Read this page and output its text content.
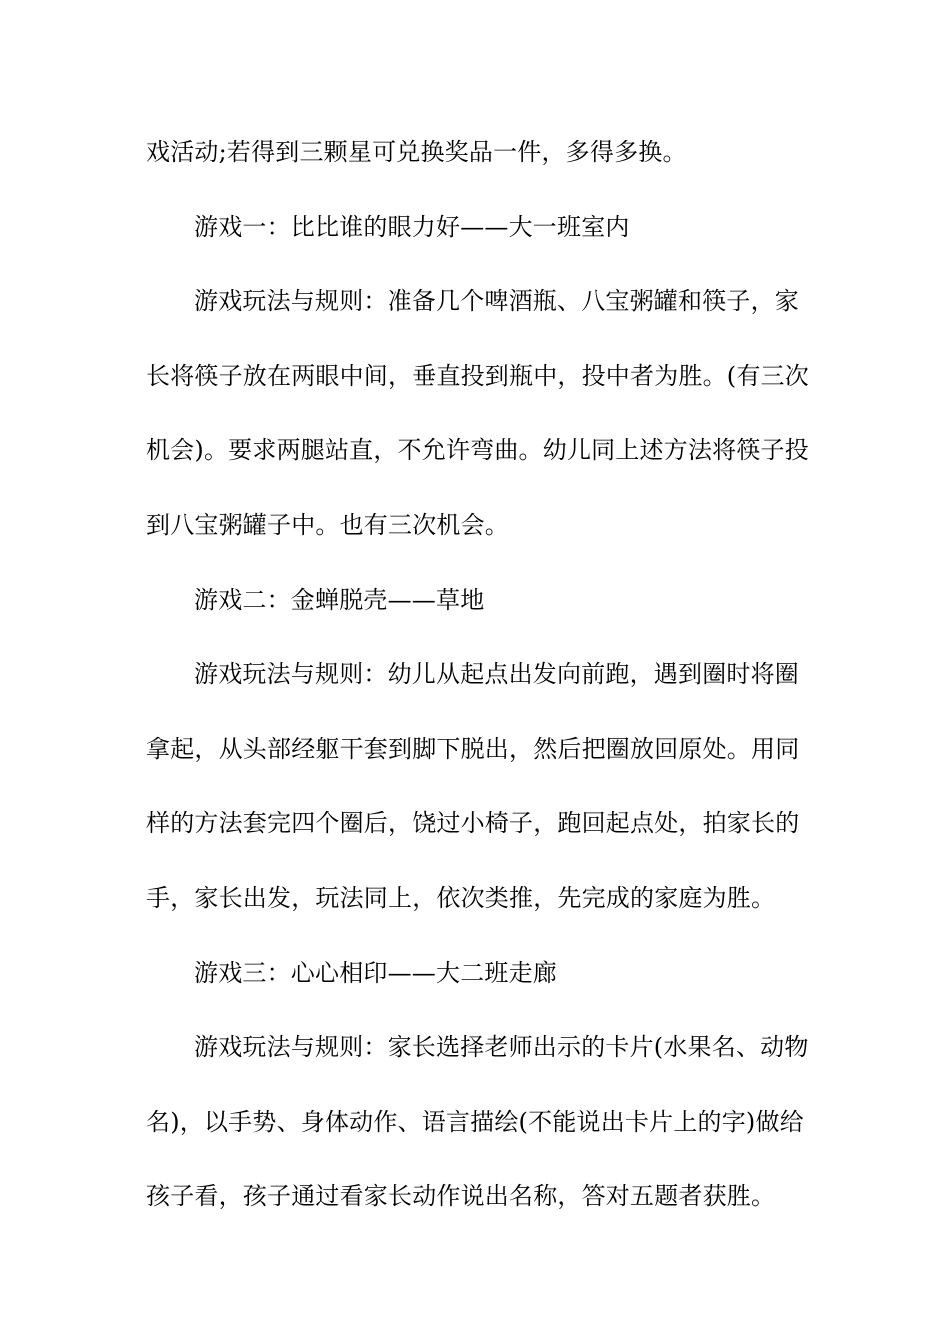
戏活动;若得到三颗星可兑换奖品一件，多得多换。
游戏一：比比谁的眼力好——大一班室内
游戏玩法与规则：准备几个啤酒瓶、八宝粥罐和筷子，家
长将筷子放在两眼中间，垂直投到瓶中，投中者为胜。(有三次
机会)。要求两腿站直，不允许弯曲。幼儿同上述方法将筷子投
到八宝粥罐子中。也有三次机会。
游戏二：金蝉脱壳——草地
游戏玩法与规则：幼儿从起点出发向前跑，遇到圈时将圈
拿起，从头部经躯干套到脚下脱出，然后把圈放回原处。用同
样的方法套完四个圈后，饶过小椅子，跑回起点处，拍家长的
手，家长出发，玩法同上，依次类推，先完成的家庭为胜。
游戏三：心心相印——大二班走廊
游戏玩法与规则：家长选择老师出示的卡片(水果名、动物
名)，以手势、身体动作、语言描绘(不能说出卡片上的字)做给
孩子看，孩子通过看家长动作说出名称，答对五题者获胜。
